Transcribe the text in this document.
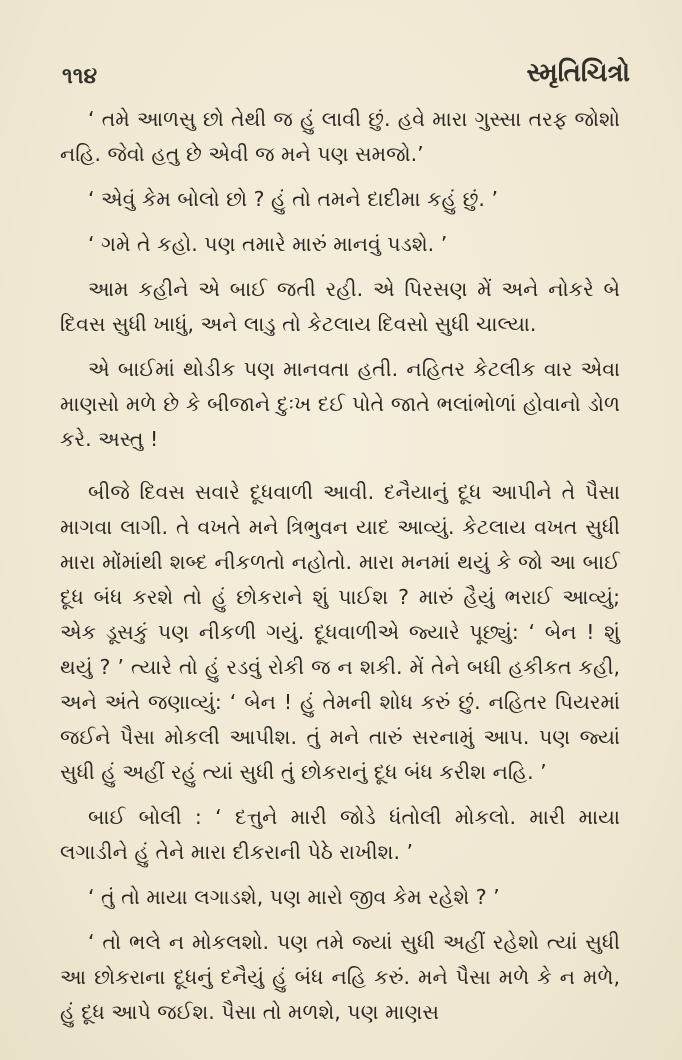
૧૧૪	સ્મૃતિચિત્રો

‘ તમે આળસુ છો તેથી જ હું લાવી છું. હવે મારા ગુસ્સા તરફ જોશો નહિ. જેવો હતુ છે એવી જ મને પણ સમજો.’

‘ એવું કેમ બોલો છો ? હું તો તમને દાદીમા કહું છું. ’

‘ ગમે તે કહો. પણ તમારે મારું માનવું પડશે. ’

આમ કહીને એ બાઈ જતી રહી. એ પિરસણ મેં અને નોકરે બે દિવસ સુધી ખાધું, અને લાડુ તો કેટલાય દિવસો સુધી ચાલ્યા.

એ બાઈમાં થોડીક પણ માનવતા હતી. નહિતર કેટલીક વાર એવા માણસો મળે છે કે બીજાને દુઃખ દઈ પોતે જાતે ભલાંભોળાં હોવાનો ડોળ કરે. અસ્તુ !

બીજે દિવસ સવારે દૂધવાળી આવી. દનૈયાનું દૂધ આપીને તે પૈસા માગવા લાગી. તે વખતે મને ત્રિભુવન યાદ આવ્યું. કેટલાય વખત સુધી મારા મોંમાંથી શબ્દ નીકળતો નહોતો. મારા મનમાં થયું કે જો આ બાઈ દૂધ બંધ કરશે તો હું છોકરાને શું પાઈશ ? મારું હૈયું ભરાઈ આવ્યું; એક ડૂસકું પણ નીકળી ગયું. દૂધવાળીએ જ્યારે પૂછ્યું: ‘ બેન ! શું થયું ? ’ ત્યારે તો હું રડવું રોકી જ ન શકી. મેં તેને બધી હકીકત કહી, અને અંતે જણાવ્યું: ‘ બેન ! હું તેમની શોધ કરું છું. નહિતર પિયરમાં જઈને પૈસા મોકલી આપીશ. તું મને તારું સરનામું આપ. પણ જ્યાં સુધી હું અહીં રહું ત્યાં સુધી તું છોકરાનું દૂધ બંધ કરીશ નહિ. ’

બાઈ બોલી : ‘ દત્તુને મારી જોડે ધંતોલી મોકલો. મારી માયા લગાડીને હું તેને મારા દીકરાની પેઠે રાખીશ. ’

‘ તું તો માયા લગાડશે, પણ મારો જીવ કેમ રહેશે ? ’

‘ તો ભલે ન મોકલશો. પણ તમે જ્યાં સુધી અહીં રહેશો ત્યાં સુધી આ છોકરાના દૂધનું દનૈયું હું બંધ નહિ કરું. મને પૈસા મળે કે ન મળે, હું દૂધ આપે જઈશ. પૈસા તો મળશે, પણ માણસ
